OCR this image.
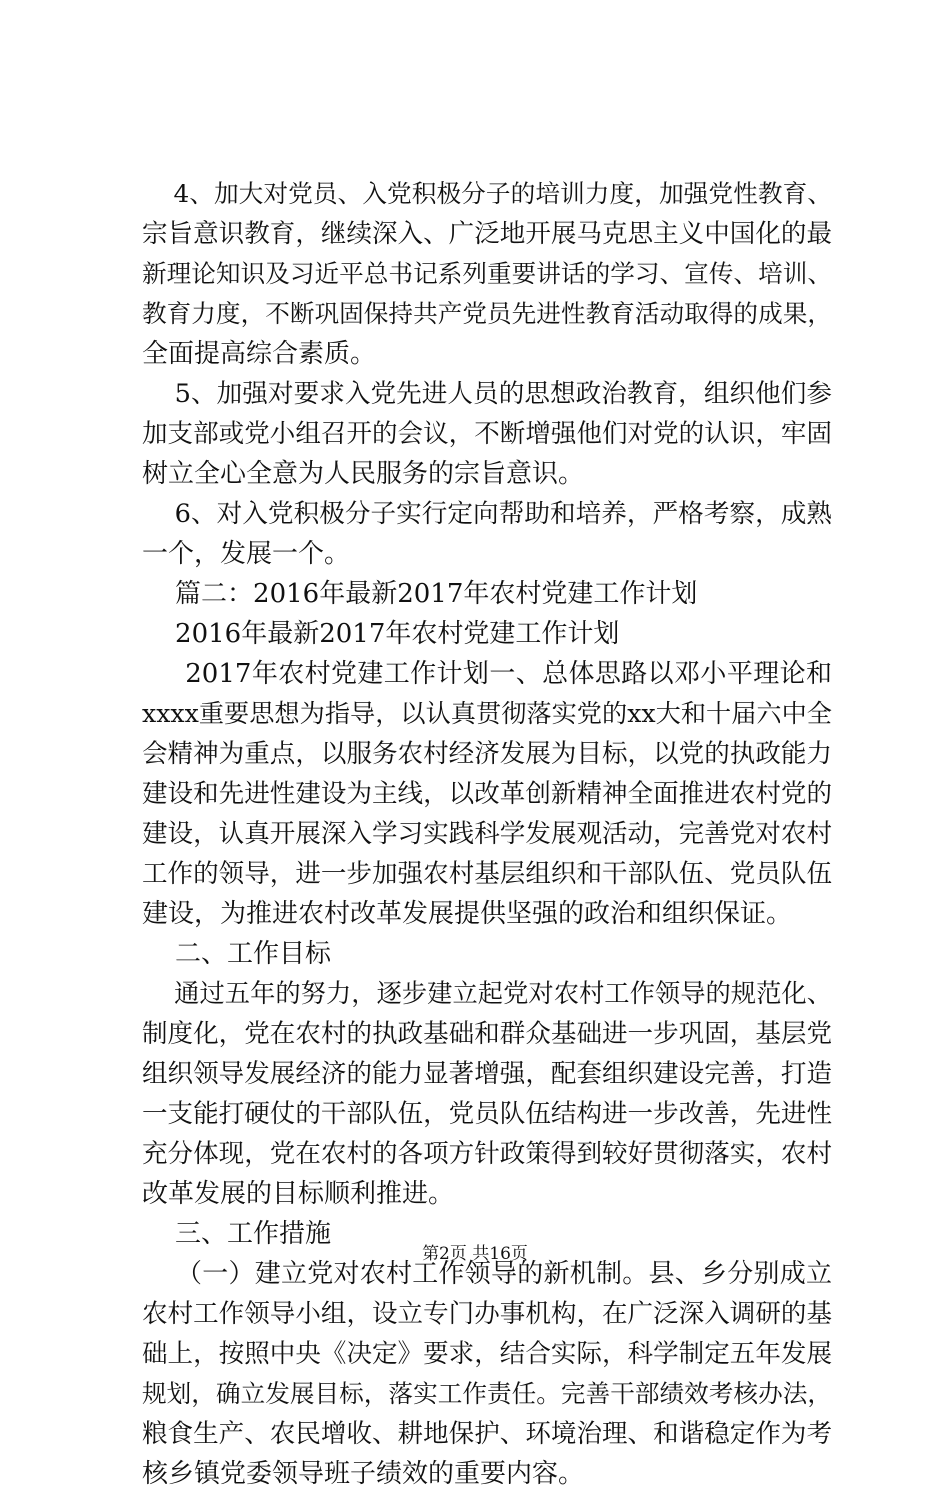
4、加大对党员、入党积极分子的培训力度，加强党性教育、
宗旨意识教育，继续深入、广泛地开展马克思主义中国化的最
新理论知识及习近平总书记系列重要讲话的学习、宣传、培训、
教育力度，不断巩固保持共产党员先进性教育活动取得的成果，
全面提高综合素质。
5、加强对要求入党先进人员的思想政治教育，组织他们参
加支部或党小组召开的会议，不断增强他们对党的认识，牢固
树立全心全意为人民服务的宗旨意识。
6、对入党积极分子实行定向帮助和培养，严格考察，成熟
一个，发展一个。
篇二：2016年最新2017年农村党建工作计划
2016年最新2017年农村党建工作计划
2017年农村党建工作计划一、总体思路以邓小平理论和
xxxx重要思想为指导，以认真贯彻落实党的xx大和十届六中全
会精神为重点，以服务农村经济发展为目标，以党的执政能力
建设和先进性建设为主线，以改革创新精神全面推进农村党的
建设，认真开展深入学习实践科学发展观活动，完善党对农村
工作的领导，进一步加强农村基层组织和干部队伍、党员队伍
建设，为推进农村改革发展提供坚强的政治和组织保证。
二、工作目标
通过五年的努力，逐步建立起党对农村工作领导的规范化、
制度化，党在农村的执政基础和群众基础进一步巩固，基层党
组织领导发展经济的能力显著增强，配套组织建设完善，打造
一支能打硬仗的干部队伍，党员队伍结构进一步改善，先进性
充分体现，党在农村的各项方针政策得到较好贯彻落实，农村
改革发展的目标顺利推进。
三、工作措施
（一）建立党对农村工作领导的新机制。县、乡分别成立
农村工作领导小组，设立专门办事机构，在广泛深入调研的基
础上，按照中央《决定》要求，结合实际，科学制定五年发展
规划，确立发展目标，落实工作责任。完善干部绩效考核办法，
粮食生产、农民增收、耕地保护、环境治理、和谐稳定作为考
核乡镇党委领导班子绩效的重要内容。
第2页 共16页
